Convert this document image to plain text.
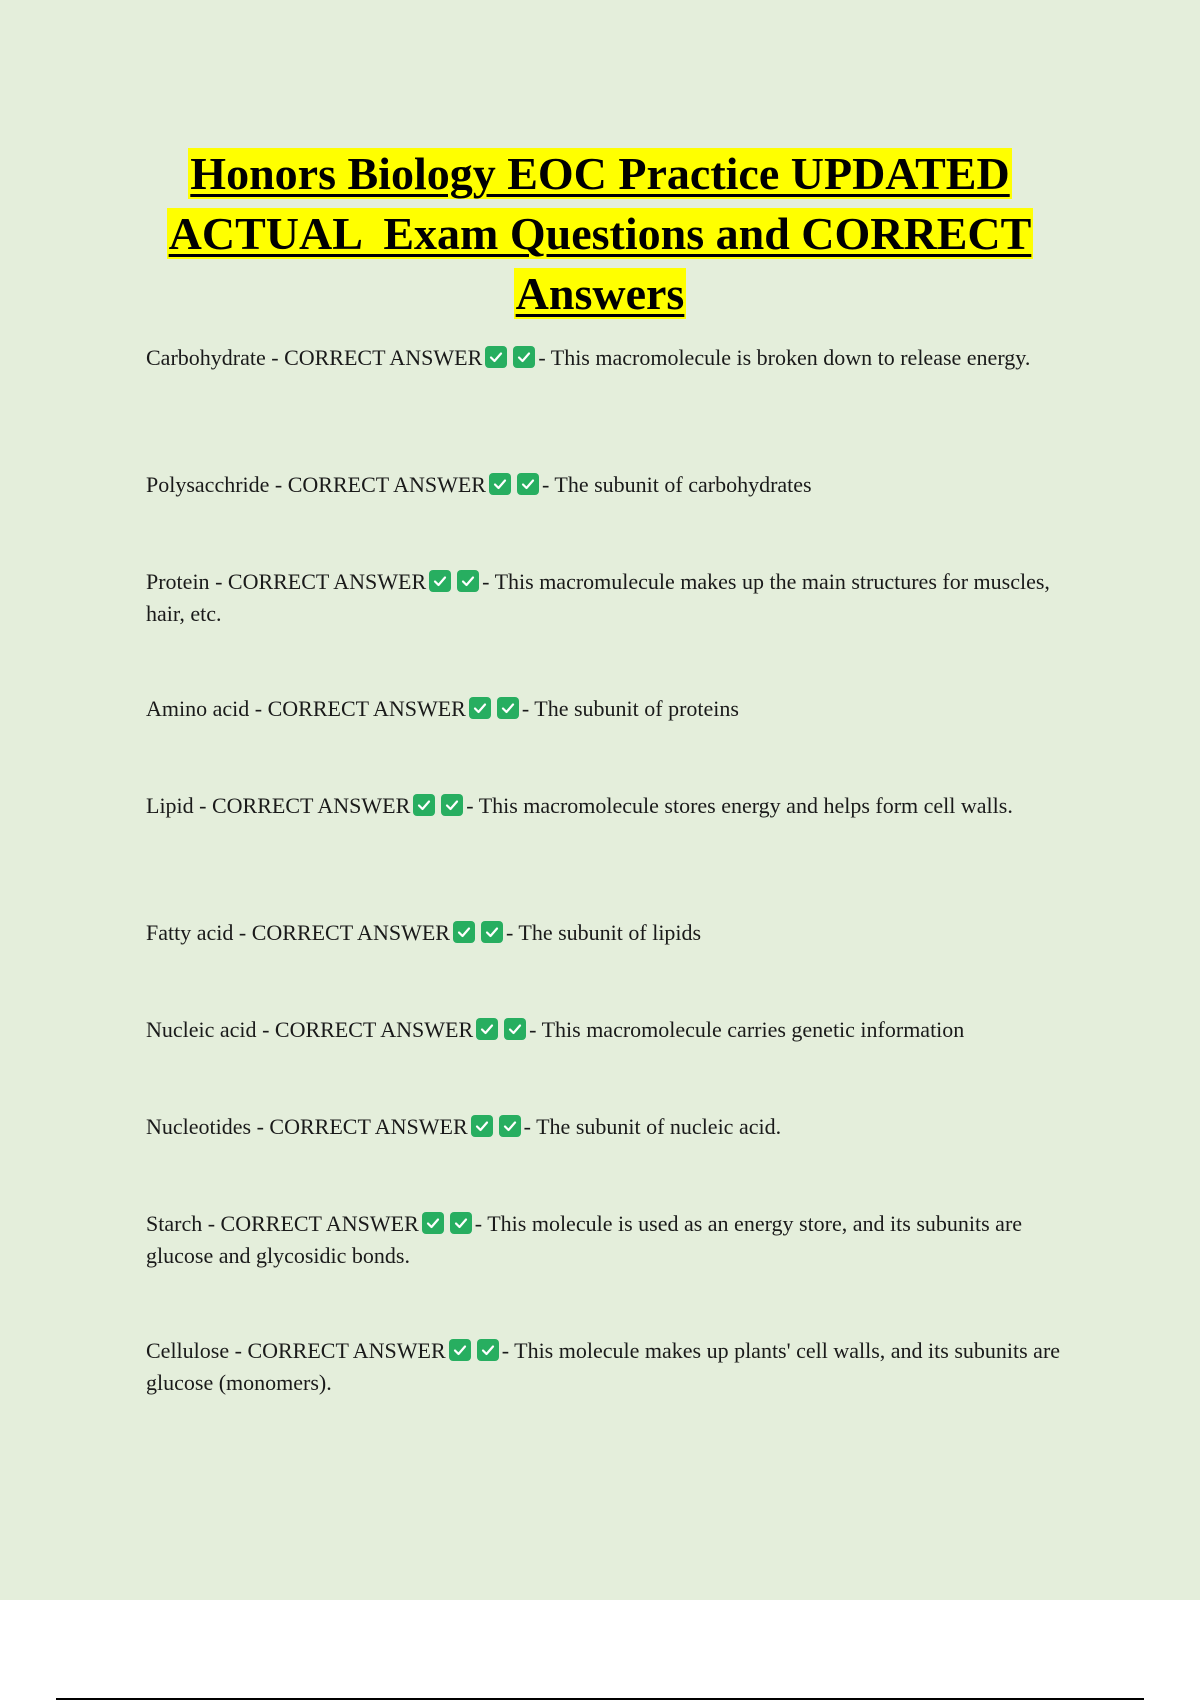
Honors Biology EOC Practice UPDATED
ACTUAL  Exam Questions and CORRECT
Answers
Carbohydrate - CORRECT ANSWER	- This macromolecule is broken down to release energy.
Polysacchride - CORRECT ANSWER	- The subunit of carbohydrates
Protein - CORRECT ANSWER	- This macromulecule makes up the main structures for muscles, hair, etc.
Amino acid - CORRECT ANSWER	- The subunit of proteins
Lipid - CORRECT ANSWER	- This macromolecule stores energy and helps form cell walls.
Fatty acid - CORRECT ANSWER	- The subunit of lipids
Nucleic acid - CORRECT ANSWER	- This macromolecule carries genetic information
Nucleotides - CORRECT ANSWER	- The subunit of nucleic acid.
Starch - CORRECT ANSWER	- This molecule is used as an energy store, and its subunits are glucose and glycosidic bonds.
Cellulose - CORRECT ANSWER	- This molecule makes up plants' cell walls, and its subunits are glucose (monomers).
